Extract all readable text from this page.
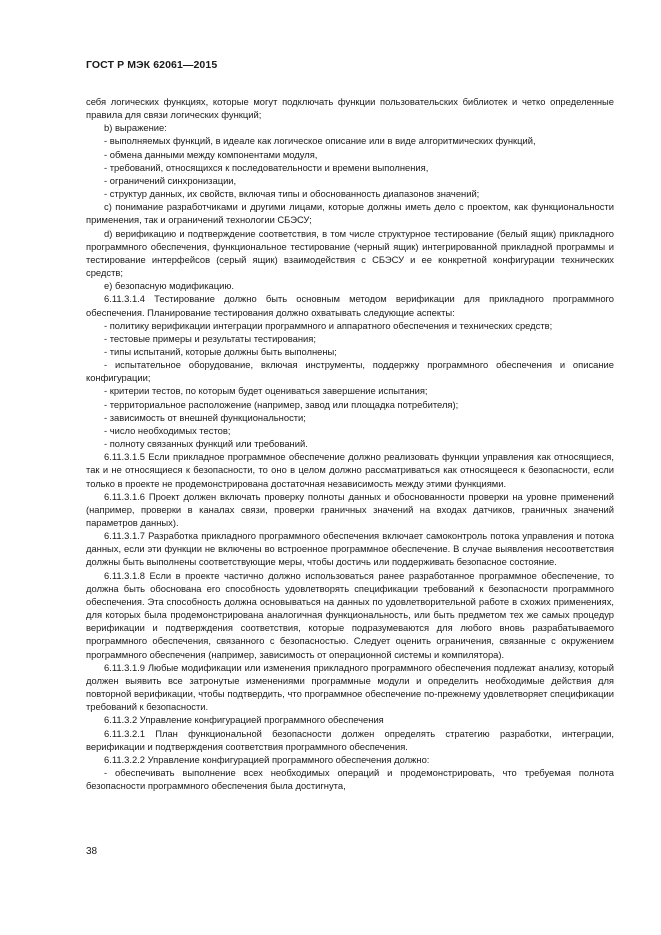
ГОСТ Р МЭК 62061—2015

себя логических функциях, которые могут подключать функции пользовательских библиотек и четко определенные правила для связи логических функций;

b) выражение:

- выполняемых функций, в идеале как логическое описание или в виде алгоритмических функций,

- обмена данными между компонентами модуля,

- требований, относящихся к последовательности и времени выполнения,

- ограничений синхронизации,

- структур данных, их свойств, включая типы и обоснованность диапазонов значений;

c) понимание разработчиками и другими лицами, которые должны иметь дело с проектом, как функциональности применения, так и ограничений технологии СБЭСУ;

d) верификацию и подтверждение соответствия, в том числе структурное тестирование (белый ящик) прикладного программного обеспечения, функциональное тестирование (черный ящик) интегрированной прикладной программы и тестирование интерфейсов (серый ящик) взаимодействия с СБЭСУ и ее конкретной конфигурации технических средств;

e) безопасную модификацию.

6.11.3.1.4 Тестирование должно быть основным методом верификации для прикладного программного обеспечения. Планирование тестирования должно охватывать следующие аспекты:

- политику верификации интеграции программного и аппаратного обеспечения и технических средств;

- тестовые примеры и результаты тестирования;

- типы испытаний, которые должны быть выполнены;

- испытательное оборудование, включая инструменты, поддержку программного обеспечения и описание конфигурации;

- критерии тестов, по которым будет оцениваться завершение испытания;

- территориальное расположение (например, завод или площадка потребителя);

- зависимость от внешней функциональности;

- число необходимых тестов;

- полноту связанных функций или требований.

6.11.3.1.5 Если прикладное программное обеспечение должно реализовать функции управления как относящиеся, так и не относящиеся к безопасности, то оно в целом должно рассматриваться как относящееся к безопасности, если только в проекте не продемонстрирована достаточная независимость между этими функциями.

6.11.3.1.6 Проект должен включать проверку полноты данных и обоснованности проверки на уровне применений (например, проверки в каналах связи, проверки граничных значений на входах датчиков, граничных значений параметров данных).

6.11.3.1.7 Разработка прикладного программного обеспечения включает самоконтроль потока управления и потока данных, если эти функции не включены во встроенное программное обеспечение. В случае выявления несоответствия должны быть выполнены соответствующие меры, чтобы достичь или поддерживать безопасное состояние.

6.11.3.1.8 Если в проекте частично должно использоваться ранее разработанное программное обеспечение, то должна быть обоснована его способность удовлетворять спецификации требований к безопасности программного обеспечения. Эта способность должна основываться на данных по удовлетворительной работе в схожих применениях, для которых была продемонстрирована аналогичная функциональность, или быть предметом тех же самых процедур верификации и подтверждения соответствия, которые подразумеваются для любого вновь разрабатываемого программного обеспечения, связанного с безопасностью. Следует оценить ограничения, связанные с окружением программного обеспечения (например, зависимость от операционной системы и компилятора).

6.11.3.1.9 Любые модификации или изменения прикладного программного обеспечения подлежат анализу, который должен выявить все затронутые изменениями программные модули и определить необходимые действия для повторной верификации, чтобы подтвердить, что программное обеспечение по-прежнему удовлетворяет спецификации требований к безопасности.

6.11.3.2 Управление конфигурацией программного обеспечения

6.11.3.2.1 План функциональной безопасности должен определять стратегию разработки, интеграции, верификации и подтверждения соответствия программного обеспечения.

6.11.3.2.2 Управление конфигурацией программного обеспечения должно:

- обеспечивать выполнение всех необходимых операций и продемонстрировать, что требуемая полнота безопасности программного обеспечения была достигнута,

38
